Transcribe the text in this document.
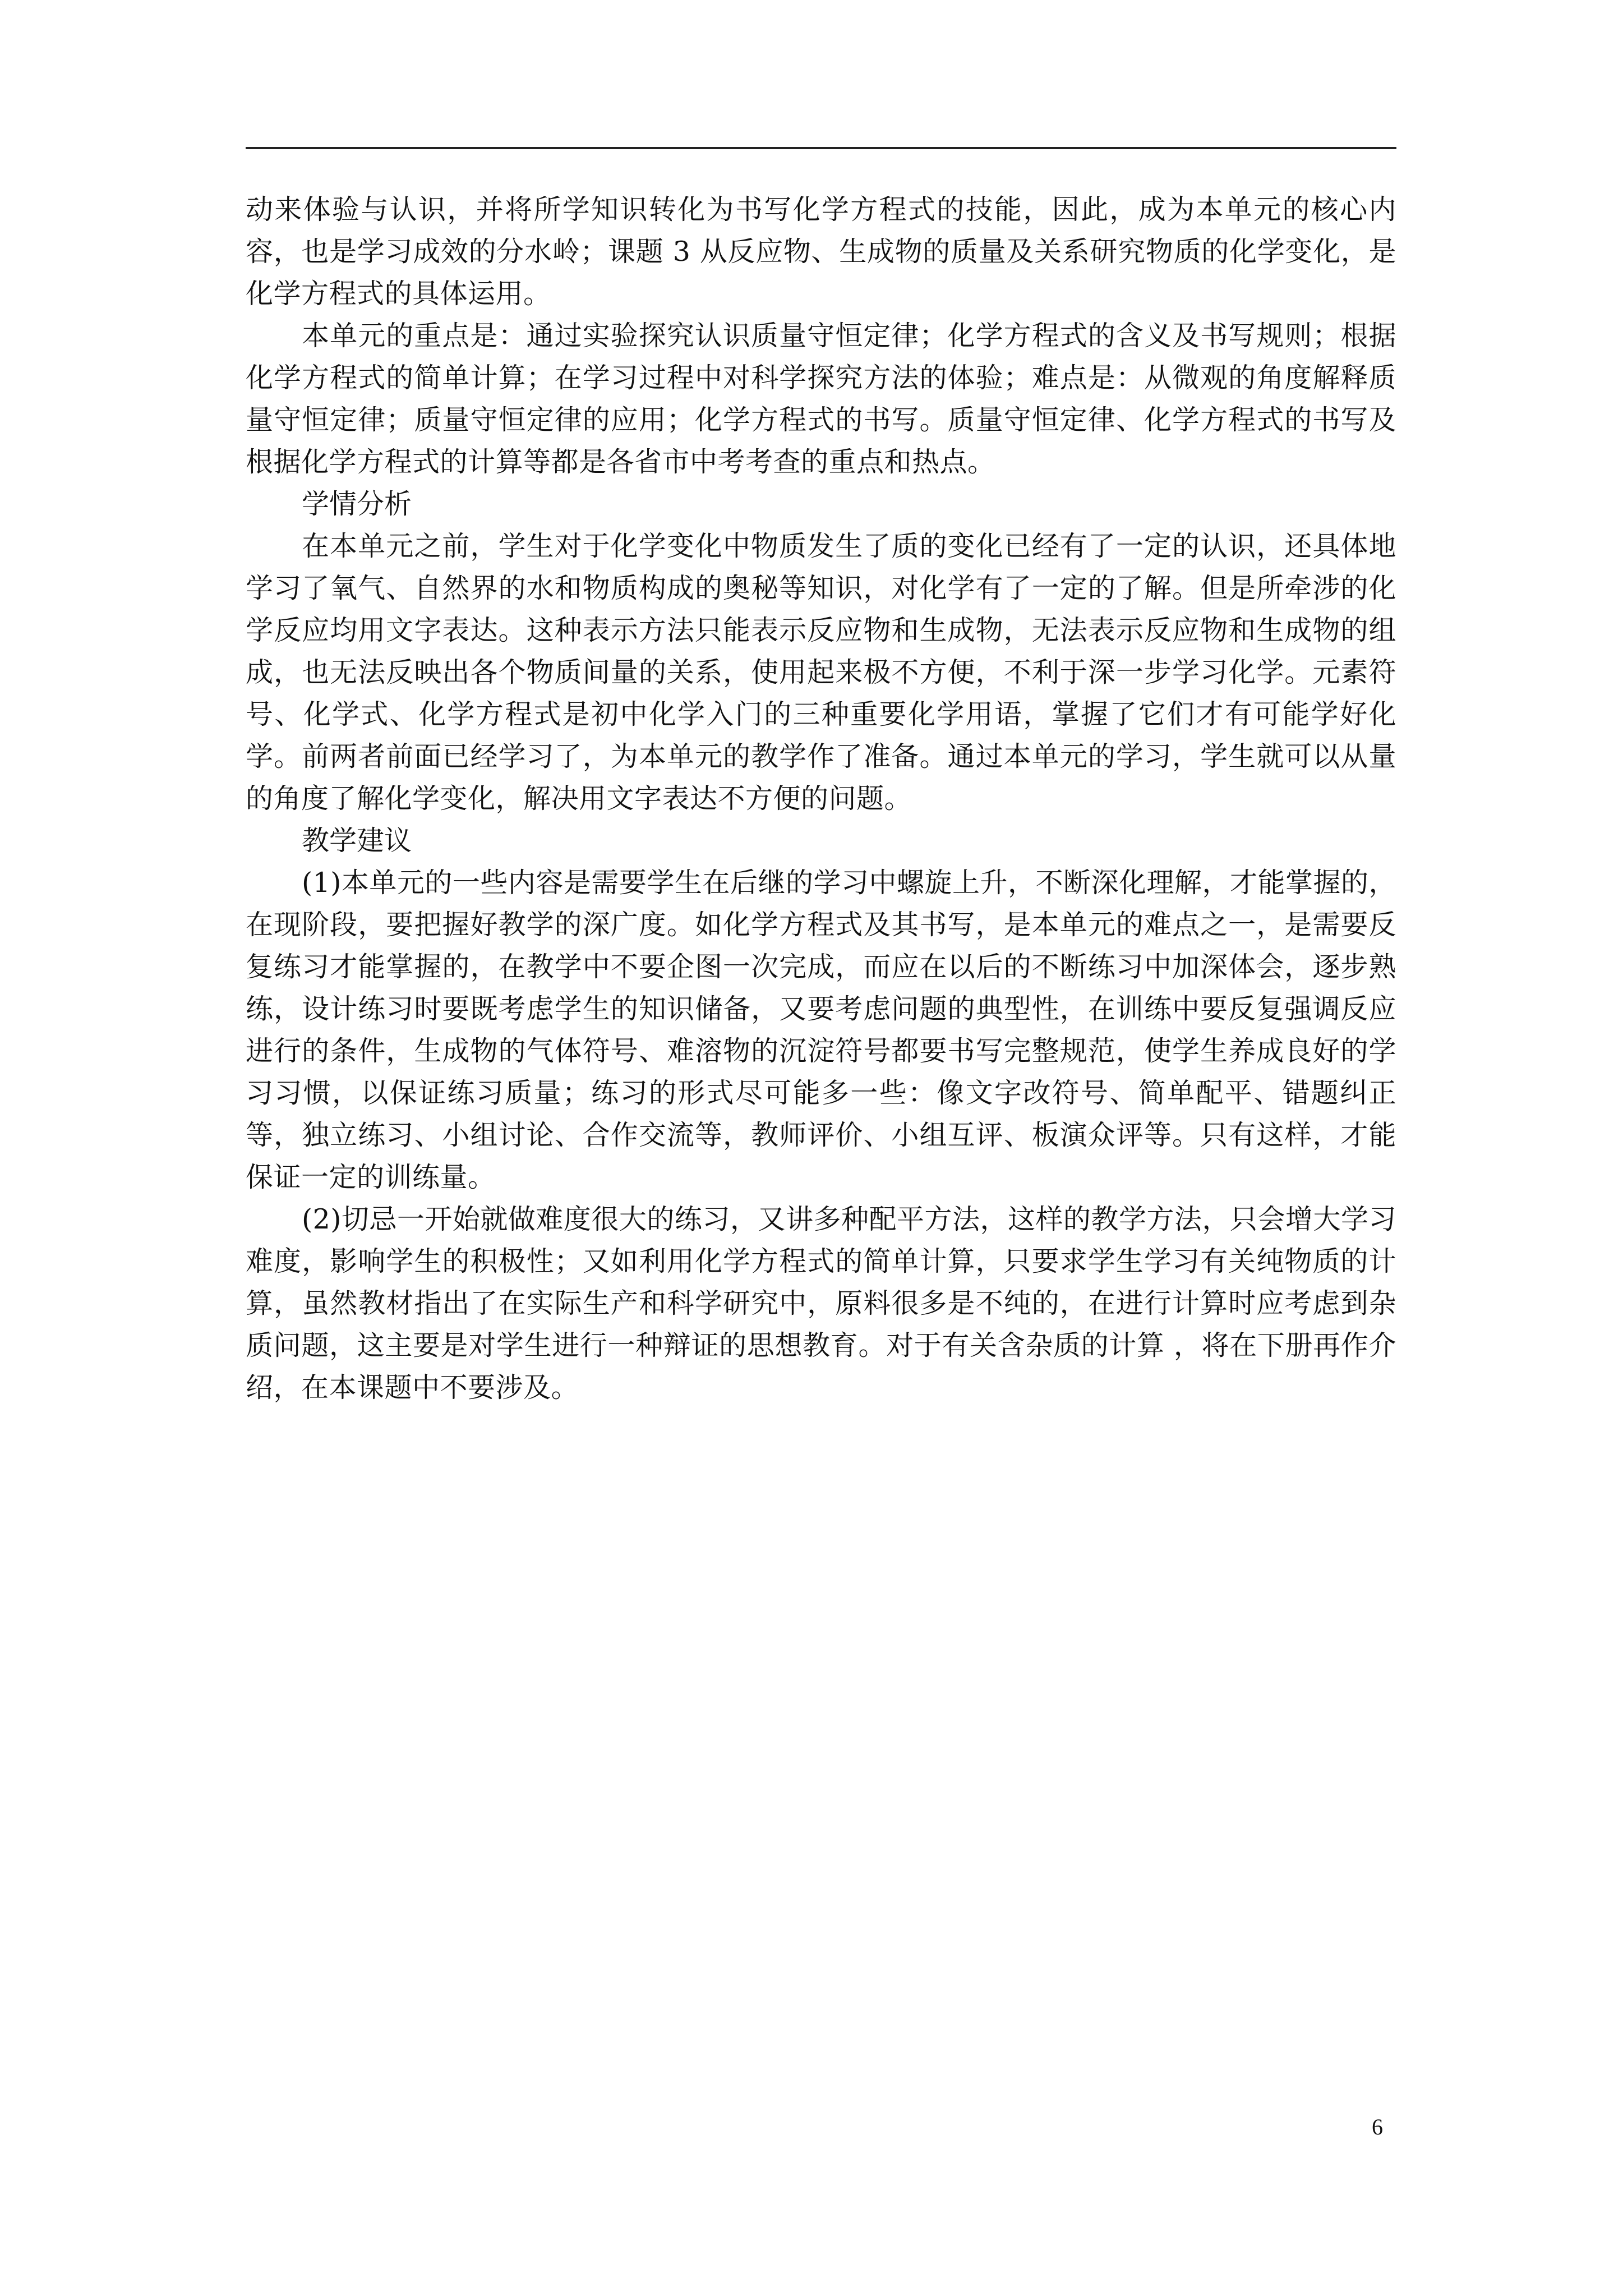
动来体验与认识，并将所学知识转化为书写化学方程式的技能，因此，成为本单元的核心内容，也是学习成效的分水岭；课题 3 从反应物、生成物的质量及关系研究物质的化学变化，是化学方程式的具体运用。

本单元的重点是：通过实验探究认识质量守恒定律；化学方程式的含义及书写规则；根据化学方程式的简单计算；在学习过程中对科学探究方法的体验；难点是：从微观的角度解释质量守恒定律；质量守恒定律的应用；化学方程式的书写。质量守恒定律、化学方程式的书写及根据化学方程式的计算等都是各省市中考考查的重点和热点。

学情分析

在本单元之前，学生对于化学变化中物质发生了质的变化已经有了一定的认识，还具体地学习了氧气、自然界的水和物质构成的奥秘等知识，对化学有了一定的了解。但是所牵涉的化学反应均用文字表达。这种表示方法只能表示反应物和生成物，无法表示反应物和生成物的组成，也无法反映出各个物质间量的关系，使用起来极不方便，不利于深一步学习化学。元素符号、化学式、化学方程式是初中化学入门的三种重要化学用语，掌握了它们才有可能学好化学。前两者前面已经学习了，为本单元的教学作了准备。通过本单元的学习，学生就可以从量的角度了解化学变化，解决用文字表达不方便的问题。

教学建议

(1)本单元的一些内容是需要学生在后继的学习中螺旋上升，不断深化理解，才能掌握的，在现阶段，要把握好教学的深广度。如化学方程式及其书写，是本单元的难点之一，是需要反复练习才能掌握的，在教学中不要企图一次完成，而应在以后的不断练习中加深体会，逐步熟练，设计练习时要既考虑学生的知识储备，又要考虑问题的典型性，在训练中要反复强调反应进行的条件，生成物的气体符号、难溶物的沉淀符号都要书写完整规范，使学生养成良好的学习习惯，以保证练习质量；练习的形式尽可能多一些：像文字改符号、简单配平、错题纠正等，独立练习、小组讨论、合作交流等，教师评价、小组互评、板演众评等。只有这样，才能保证一定的训练量。

(2)切忌一开始就做难度很大的练习，又讲多种配平方法，这样的教学方法，只会增大学习难度，影响学生的积极性；又如利用化学方程式的简单计算，只要求学生学习有关纯物质的计算，虽然教材指出了在实际生产和科学研究中，原料很多是不纯的，在进行计算时应考虑到杂质问题，这主要是对学生进行一种辩证的思想教育。对于有关含杂质的计算 ，将在下册再作介绍，在本课题中不要涉及。

6
